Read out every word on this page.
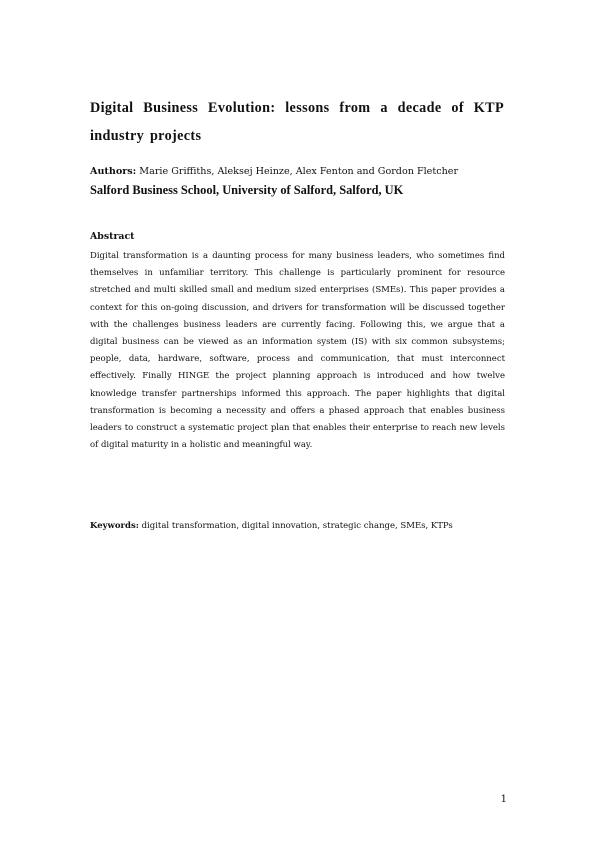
Digital Business Evolution: lessons from a decade of KTP industry projects

Authors: Marie Griffiths, Aleksej Heinze, Alex Fenton and Gordon Fletcher

Salford Business School, University of Salford, Salford, UK

Abstract

Digital transformation is a daunting process for many business leaders, who sometimes find themselves in unfamiliar territory. This challenge is particularly prominent for resource stretched and multi skilled small and medium sized enterprises (SMEs). This paper provides a context for this on-going discussion, and drivers for transformation will be discussed together with the challenges business leaders are currently facing. Following this, we argue that a digital business can be viewed as an information system (IS) with six common subsystems; people, data, hardware, software, process and communication, that must interconnect effectively. Finally HINGE the project planning approach is introduced and how twelve knowledge transfer partnerships informed this approach. The paper highlights that digital transformation is becoming a necessity and offers a phased approach that enables business leaders to construct a systematic project plan that enables their enterprise to reach new levels of digital maturity in a holistic and meaningful way.

Keywords: digital transformation, digital innovation, strategic change, SMEs, KTPs

1
